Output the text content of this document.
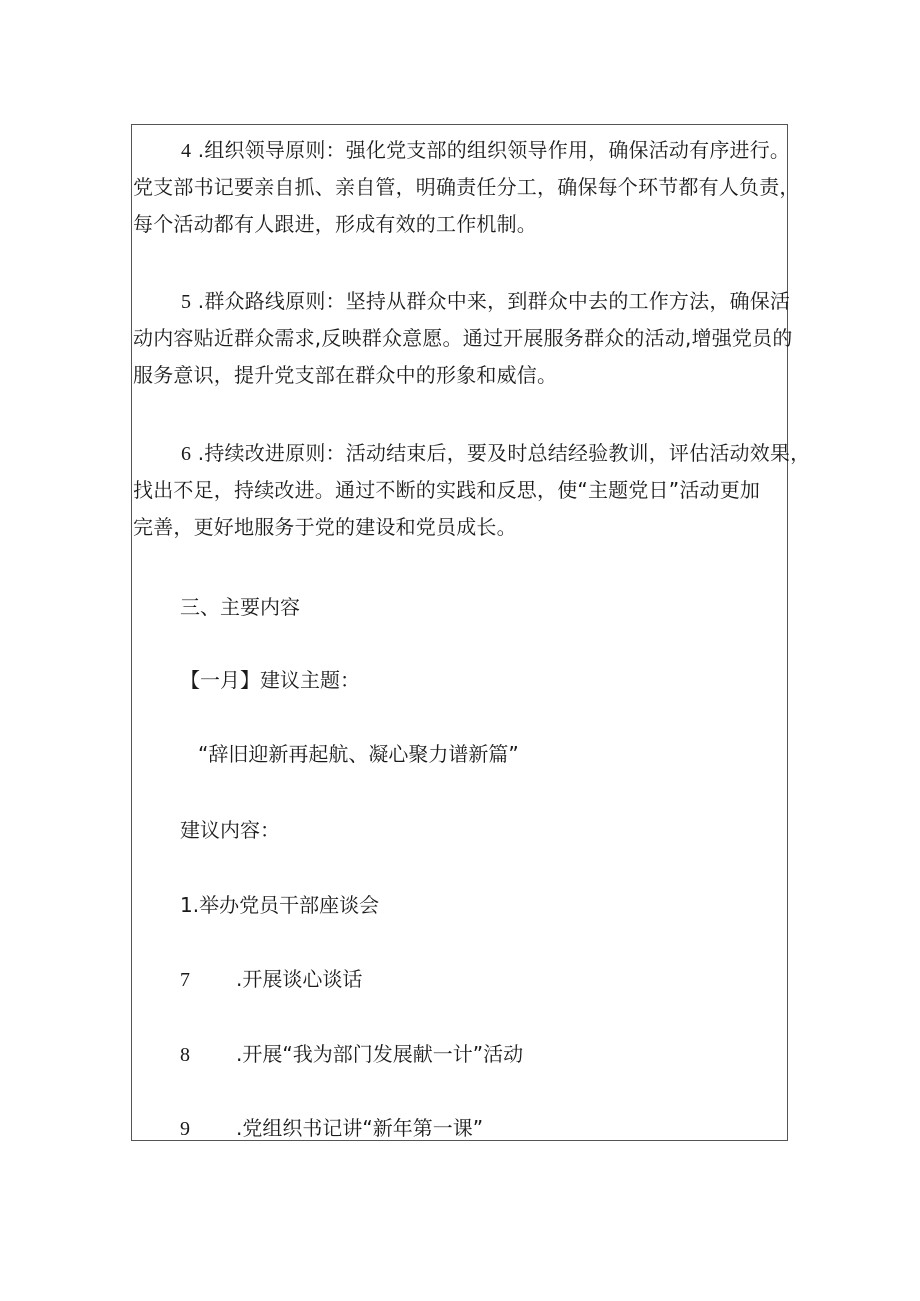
4 .组织领导原则：强化党支部的组织领导作用，确保活动有序进行。
党支部书记要亲自抓、亲自管，明确责任分工，确保每个环节都有人负责，
每个活动都有人跟进，形成有效的工作机制。
5 .群众路线原则：坚持从群众中来，到群众中去的工作方法，确保活
动内容贴近群众需求,反映群众意愿。通过开展服务群众的活动,增强党员的
服务意识，提升党支部在群众中的形象和威信。
6 .持续改进原则：活动结束后，要及时总结经验教训，评估活动效果，
找出不足，持续改进。通过不断的实践和反思，使“主题党日”活动更加
完善，更好地服务于党的建设和党员成长。
三、主要内容
【一月】建议主题：
“辞旧迎新再起航、凝心聚力谱新篇”
建议内容：
1.举办党员干部座谈会
7 .开展谈心谈话
8 .开展“我为部门发展献一计”活动
9 .党组织书记讲“新年第一课”
